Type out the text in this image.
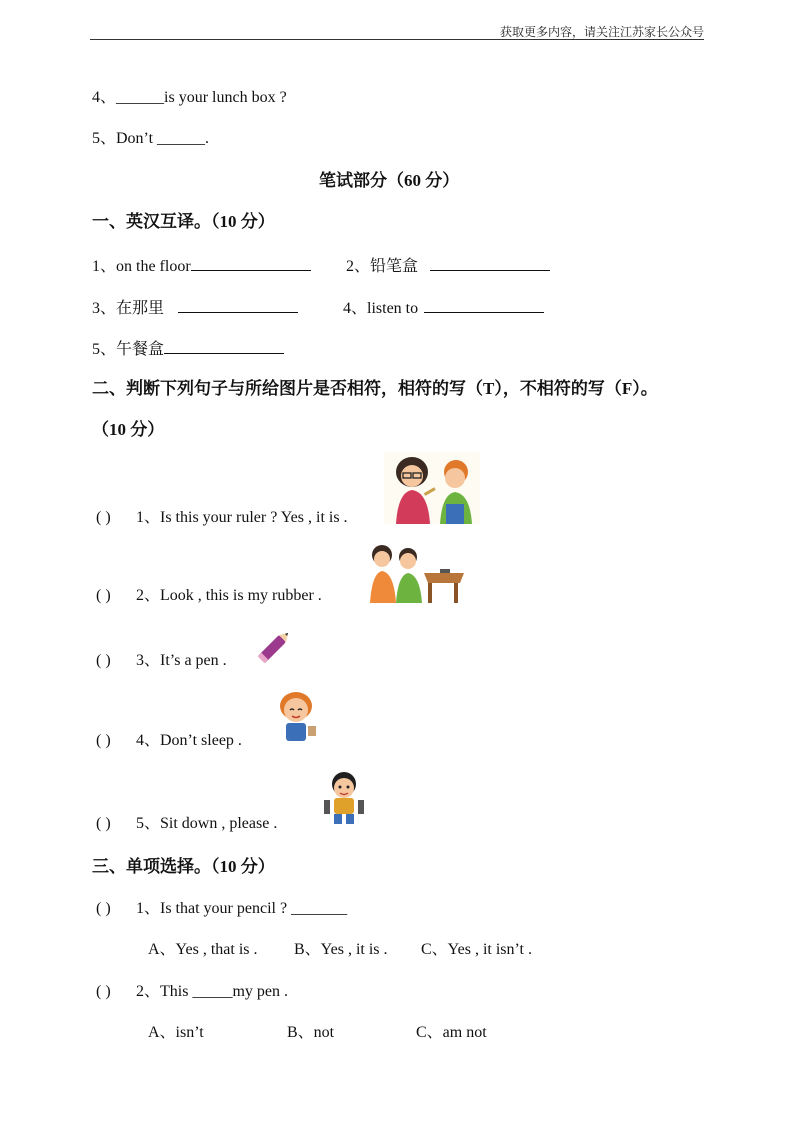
获取更多内容，请关注江苏家长公众号
4、______is your lunch box ?
5、Don’t ______.
笔试部分（60 分）
一、英汉互译。（10 分）
1、on the floor	2、铅笔盒
3、在那里	4、listen to
5、午餐盒
二、判断下列句子与所给图片是否相符，相符的写（T），不相符的写（F）。
（10 分）
( ) 1、Is this your ruler ? Yes , it is .
( ) 2、Look , this is my rubber .
( ) 3、It’s a pen .
( ) 4、Don’t sleep .
( ) 5、Sit down , please .
三、单项选择。（10 分）
( ) 1、Is that your pencil ? _______
A、Yes , that is . B、Yes , it is . C、Yes , it isn’t .
( ) 2、This _____my pen .
A、isn’t	B、not	C、am not
